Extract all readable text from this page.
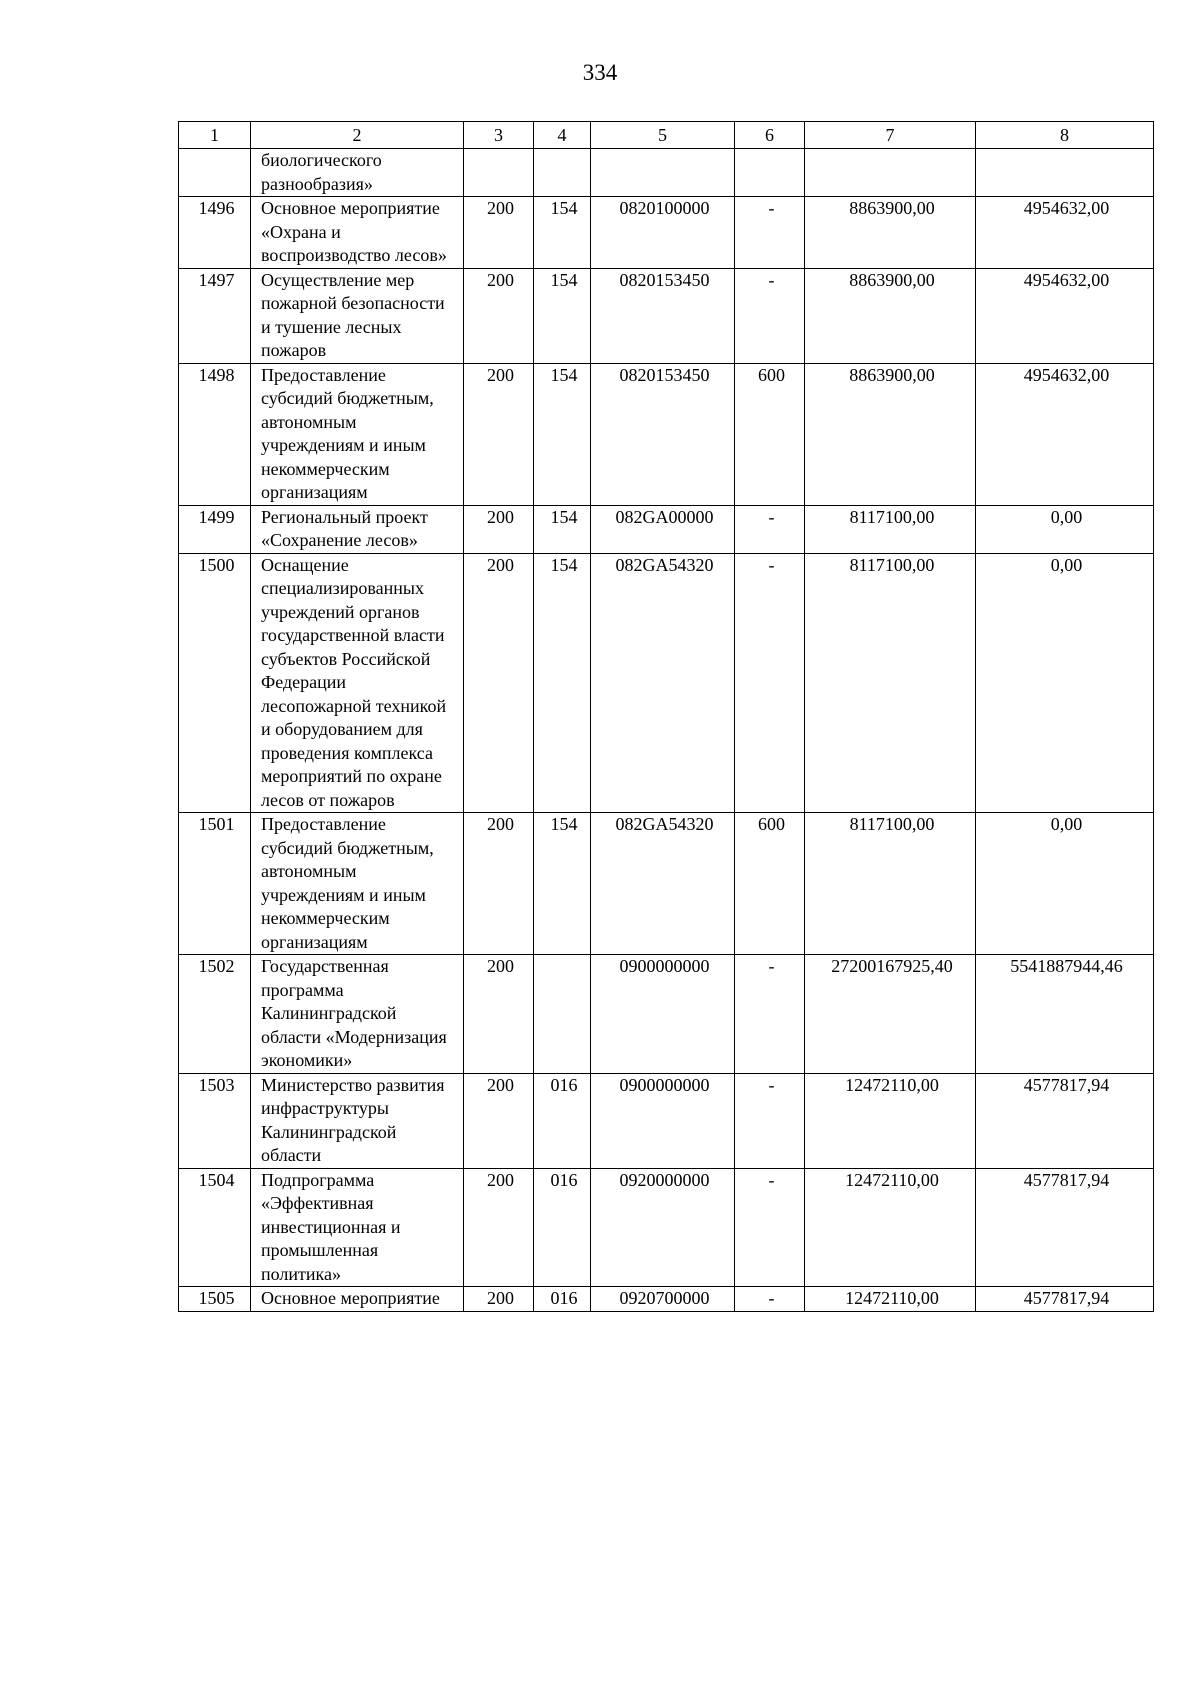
334
1	2	3	4	5	6	7	8
	биологического разнообразия»						
1496	Основное мероприятие «Охрана и воспроизводство лесов»	200	154	0820100000	-	8863900,00	4954632,00
1497	Осуществление мер пожарной безопасности и тушение лесных пожаров	200	154	0820153450	-	8863900,00	4954632,00
1498	Предоставление субсидий бюджетным, автономным учреждениям и иным некоммерческим организациям	200	154	0820153450	600	8863900,00	4954632,00
1499	Региональный проект «Сохранение лесов»	200	154	082GA00000	-	8117100,00	0,00
1500	Оснащение специализированных учреждений органов государственной власти субъектов Российской Федерации лесопожарной техникой и оборудованием для проведения комплекса мероприятий по охране лесов от пожаров	200	154	082GA54320	-	8117100,00	0,00
1501	Предоставление субсидий бюджетным, автономным учреждениям и иным некоммерческим организациям	200	154	082GA54320	600	8117100,00	0,00
1502	Государственная программа Калининградской области «Модернизация экономики»	200		0900000000	-	27200167925,40	5541887944,46
1503	Министерство развития инфраструктуры Калининградской области	200	016	0900000000	-	12472110,00	4577817,94
1504	Подпрограмма «Эффективная инвестиционная и промышленная политика»	200	016	0920000000	-	12472110,00	4577817,94
1505	Основное мероприятие	200	016	0920700000	-	12472110,00	4577817,94
